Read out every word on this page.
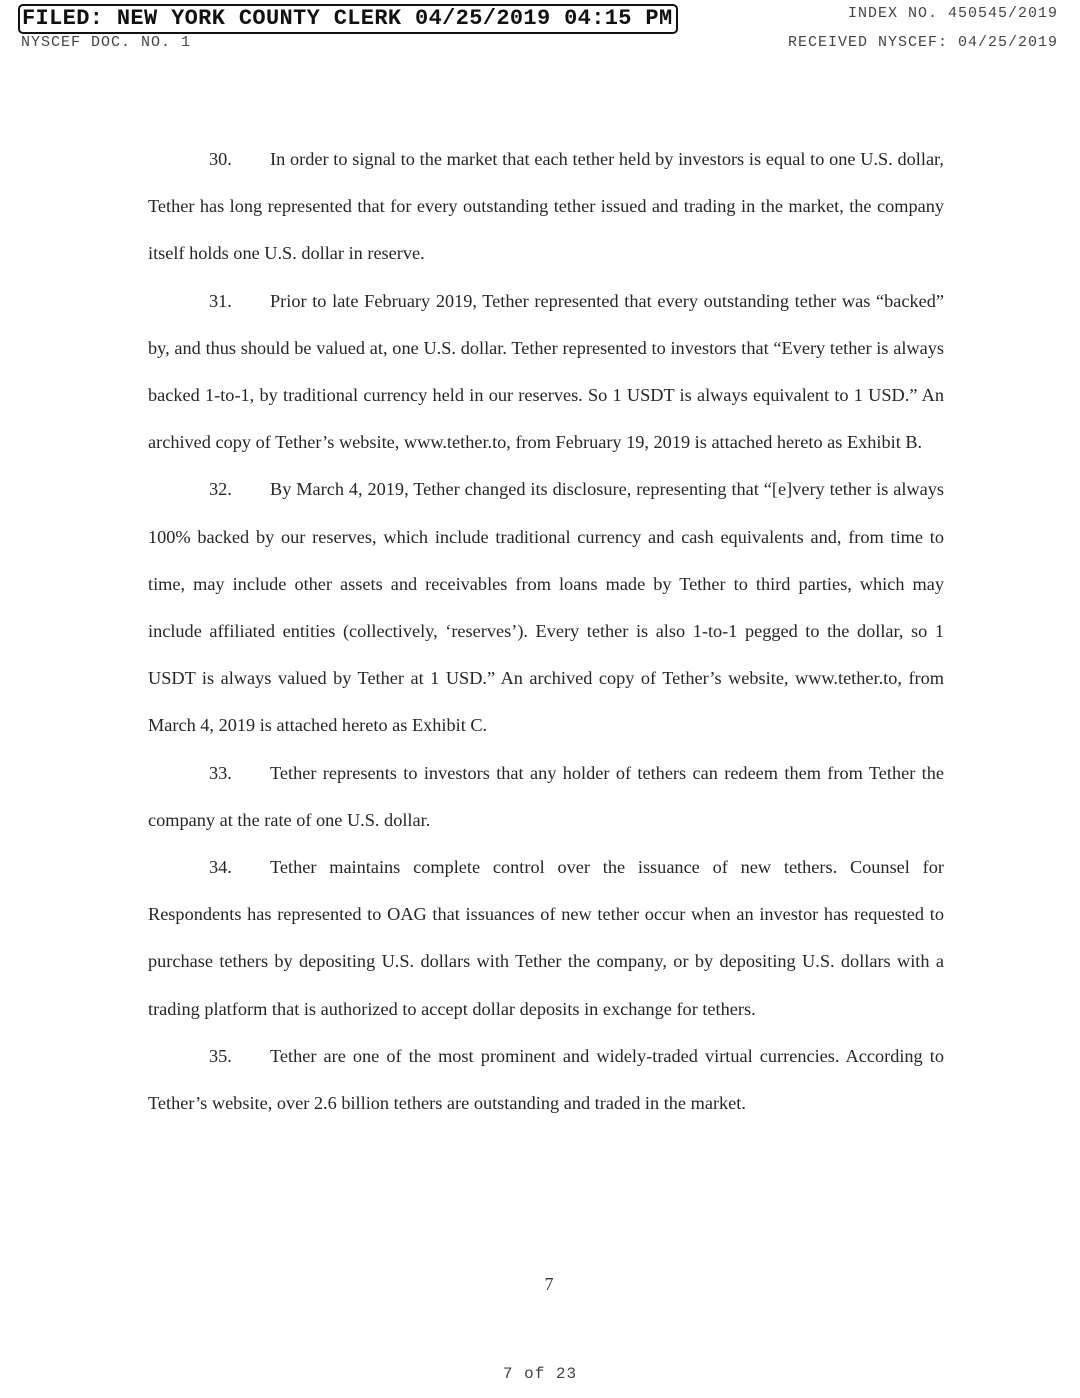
FILED: NEW YORK COUNTY CLERK 04/25/2019 04:15 PM
NYSCEF DOC. NO. 1
INDEX NO. 450545/2019
RECEIVED NYSCEF: 04/25/2019

30. In order to signal to the market that each tether held by investors is equal to one U.S. dollar, Tether has long represented that for every outstanding tether issued and trading in the market, the company itself holds one U.S. dollar in reserve.

31. Prior to late February 2019, Tether represented that every outstanding tether was “backed” by, and thus should be valued at, one U.S. dollar. Tether represented to investors that “Every tether is always backed 1-to-1, by traditional currency held in our reserves. So 1 USDT is always equivalent to 1 USD.” An archived copy of Tether’s website, www.tether.to, from February 19, 2019 is attached hereto as Exhibit B.

32. By March 4, 2019, Tether changed its disclosure, representing that “[e]very tether is always 100% backed by our reserves, which include traditional currency and cash equivalents and, from time to time, may include other assets and receivables from loans made by Tether to third parties, which may include affiliated entities (collectively, ‘reserves’). Every tether is also 1-to-1 pegged to the dollar, so 1 USDT is always valued by Tether at 1 USD.” An archived copy of Tether’s website, www.tether.to, from March 4, 2019 is attached hereto as Exhibit C.

33. Tether represents to investors that any holder of tethers can redeem them from Tether the company at the rate of one U.S. dollar.

34. Tether maintains complete control over the issuance of new tethers. Counsel for Respondents has represented to OAG that issuances of new tether occur when an investor has requested to purchase tethers by depositing U.S. dollars with Tether the company, or by depositing U.S. dollars with a trading platform that is authorized to accept dollar deposits in exchange for tethers.

35. Tether are one of the most prominent and widely-traded virtual currencies. According to Tether’s website, over 2.6 billion tethers are outstanding and traded in the market.

7
7 of 23
